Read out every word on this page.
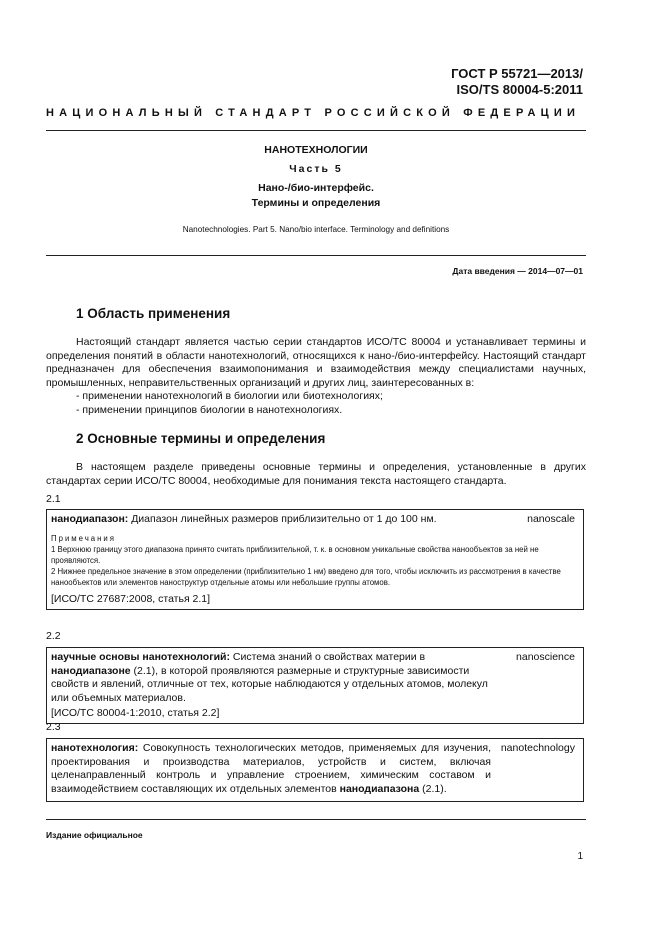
ГОСТ Р 55721—2013/
ISO/TS 80004-5:2011
НАЦИОНАЛЬНЫЙ СТАНДАРТ РОССИЙСКОЙ ФЕДЕРАЦИИ
НАНОТЕХНОЛОГИИ
Часть 5
Нано-/био-интерфейс.
Термины и определения
Nanotechnologies. Part 5. Nano/bio interface. Terminology and definitions
Дата введения — 2014—07—01
1 Область применения
Настоящий стандарт является частью серии стандартов ИСО/ТС 80004 и устанавливает термины и определения понятий в области нанотехнологий, относящихся к нано-/био-интерфейсу. Настоящий стандарт предназначен для обеспечения взаимопонимания и взаимодействия между специалистами научных, промышленных, неправительственных организаций и других лиц, заинтересованных в:
- применении нанотехнологий в биологии или биотехнологиях;
- применении принципов биологии в нанотехнологиях.
2 Основные термины и определения
В настоящем разделе приведены основные термины и определения, установленные в других стандартах серии ИСО/ТС 80004, необходимые для понимания текста настоящего стандарта.
2.1
нанодиапазон: Диапазон линейных размеров приблизительно от 1 до 100 нм.	nanoscale
Примечания
1 Верхнюю границу этого диапазона принято считать приблизительной, т. к. в основном уникальные свойства нанообъектов за ней не проявляются.
2 Нижнее предельное значение в этом определении (приблизительно 1 нм) введено для того, чтобы исключить из рассмотрения в качестве нанообъектов или элементов наноструктур отдельные атомы или небольшие группы атомов.
[ИСО/ТС 27687:2008, статья 2.1]
2.2
научные основы нанотехнологий: Система знаний о свойствах материи в нанодиапазоне (2.1), в которой проявляются размерные и структурные зависимости свойств и явлений, отличные от тех, которые наблюдаются у отдельных атомов, молекул или объемных материалов.
nanoscience
[ИСО/ТС 80004-1:2010, статья 2.2]
2.3
нанотехнология: Совокупность технологических методов, применяемых для изучения, проектирования и производства материалов, устройств и систем, включая целенаправленный контроль и управление строением, химическим составом и взаимодействием составляющих их отдельных элементов нанодиапазона (2.1).
nanotechnology
Издание официальное
1
